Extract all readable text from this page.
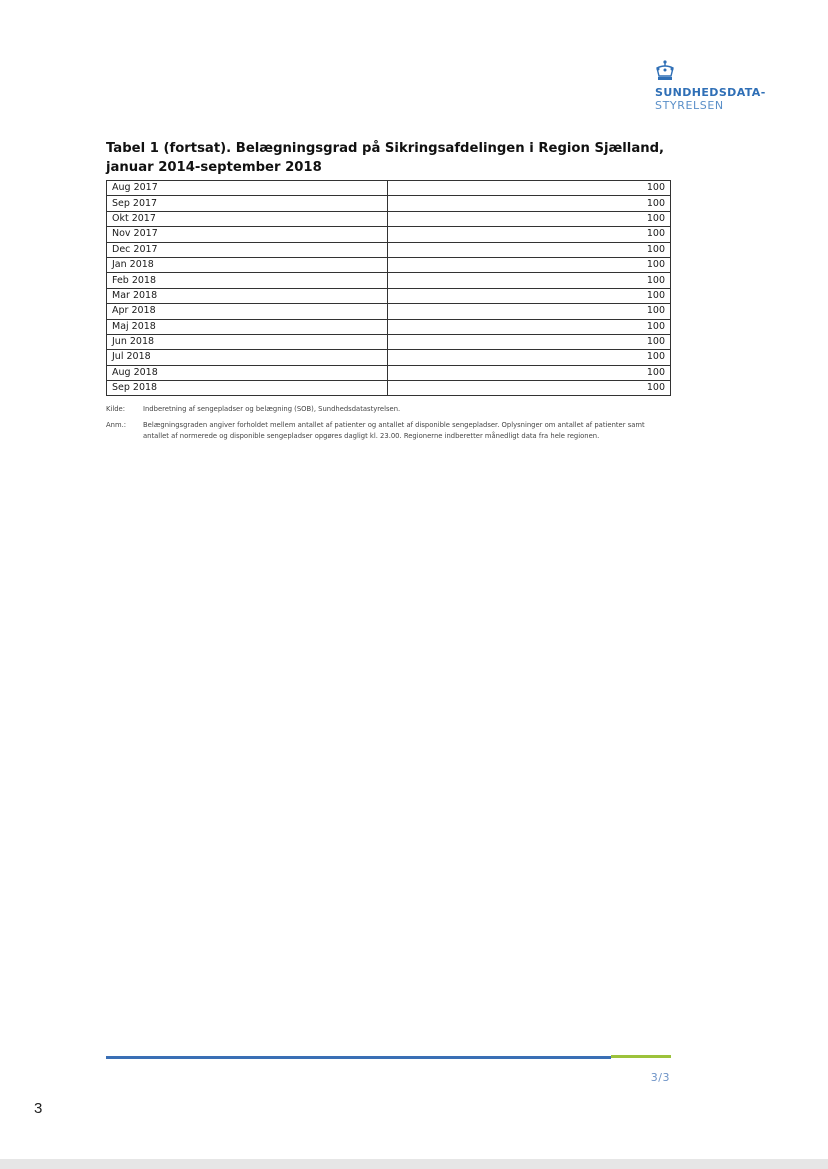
SUNDHEDSDATA-
STYRELSEN
Tabel 1 (fortsat). Belægningsgrad på Sikringsafdelingen i Region Sjælland, januar 2014-september 2018
Aug 2017	100
Sep 2017	100
Okt 2017	100
Nov 2017	100
Dec 2017	100
Jan 2018	100
Feb 2018	100
Mar 2018	100
Apr 2018	100
Maj 2018	100
Jun 2018	100
Jul 2018	100
Aug 2018	100
Sep 2018	100
Kilde:	Indberetning af sengepladser og belægning (SOB), Sundhedsdatastyrelsen.
Anm.:	Belægningsgraden angiver forholdet mellem antallet af patienter og antallet af disponible sengepladser. Oplysninger om antallet af patienter samt antallet af normerede og disponible sengepladser opgøres dagligt kl. 23.00. Regionerne indberetter månedligt data fra hele regionen.
3/3
3
